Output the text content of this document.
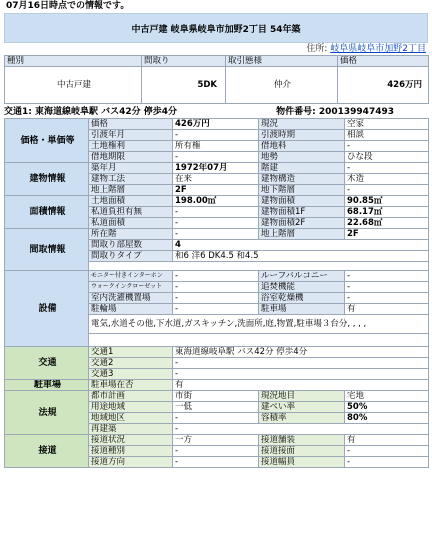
07月16日時点での情報です。
中古戸建 岐阜県岐阜市加野2丁目 54年築
住所: 岐阜県岐阜市加野2丁目
種別	間取り	取引態様	価格
中古戸建	5DK	仲介	426万円
交通1: 東海道線岐阜駅 バス42分 停歩4分	物件番号: 200139947493
価格・単価等	価格	426万円	現況	空家
	引渡年月	-	引渡時期	相談
	土地権利	所有権	借地料	-
	借地期限	-	地勢	ひな段
建物情報	築年月	1972年07月	階建	-
	建物工法	在来	建物構造	木造
	地上階層	2F	地下階層	-
面積情報	土地面積	198.00㎡	建物面積	90.85㎡
	私道負担有無	-	建物面積1F	68.17㎡
	私道面積	-	建物面積2F	22.68㎡
間取情報	所在階	-	地上階層	2F
	間取り部屋数	4		
	間取りタイプ	和6 洋6 DK4.5 和4.5		

設備	モニター付きインターホン	-	ルーフバルコニー	-
	ウォークインクローゼット	-	追焚機能	-
	室内洗濯機置場	-	浴室乾燥機	-
	駐輪場	-	駐車場	有
	電気,水道その他,下水道,ガスキッチン,洗面所,庭,物置,駐車場３台分, , , ,			

交通	交通1	東海道線岐阜駅 バス42分 停歩4分		
	交通2	-		
	交通3	-		
駐車場	駐車場在否	有		
法規	都市計画	市街	現況地目	宅地
	用途地域	一低	建ぺい率	50%
	地域地区	-	容積率	80%
	再建築	-		
接道	接道状況	一方	接道舗装	有
	接道種別	-	接道接面	-
	接道方向	-	接道幅員	-
